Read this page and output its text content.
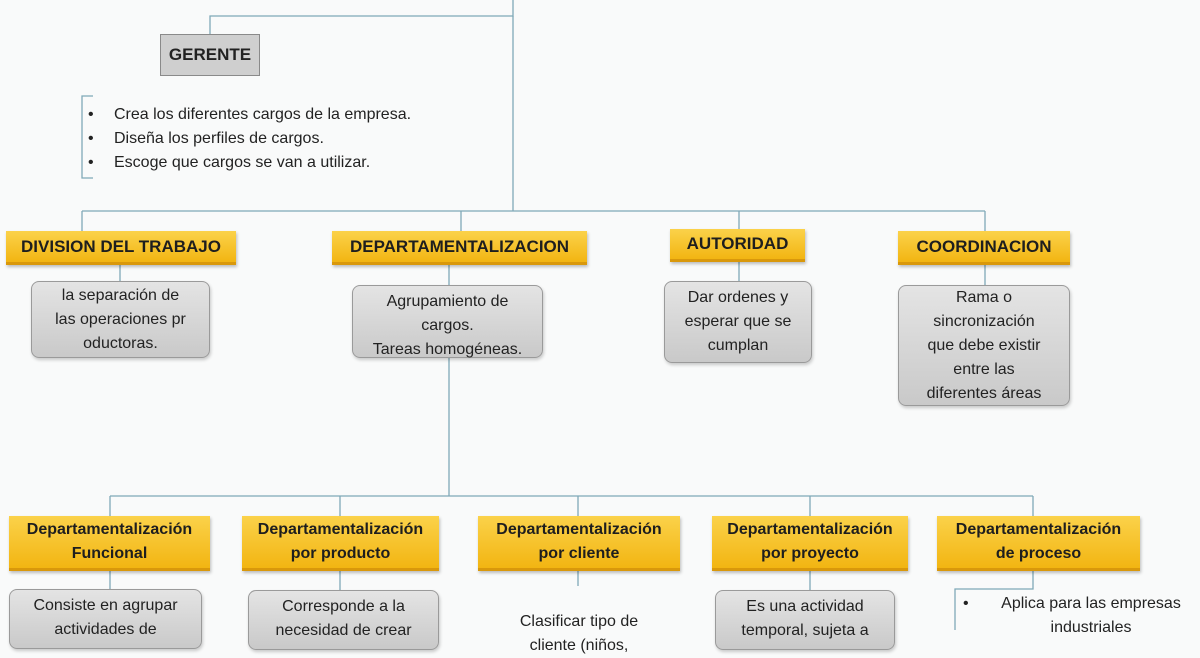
GERENTE
• Crea los diferentes cargos de la empresa.
• Diseña los perfiles de cargos.
• Escoge que cargos se van a utilizar.
DIVISION DEL TRABAJO
la separación de
las operaciones pr
oductoras.
DEPARTAMENTALIZACION
Agrupamiento de
cargos.
Tareas homogéneas.
AUTORIDAD
Dar ordenes y
esperar que se
cumplan
COORDINACION
Rama o
sincronización
que debe existir
entre las
diferentes áreas
Departamentalización
Funcional
Consiste en agrupar
actividades de
Departamentalización
por producto
Corresponde a la
necesidad de crear
Departamentalización
por cliente

Clasificar tipo de
cliente (niños,

Departamentalización
por proyecto
Es una actividad
temporal, sujeta a
Departamentalización
de proceso
• Aplica para las empresas
industriales
